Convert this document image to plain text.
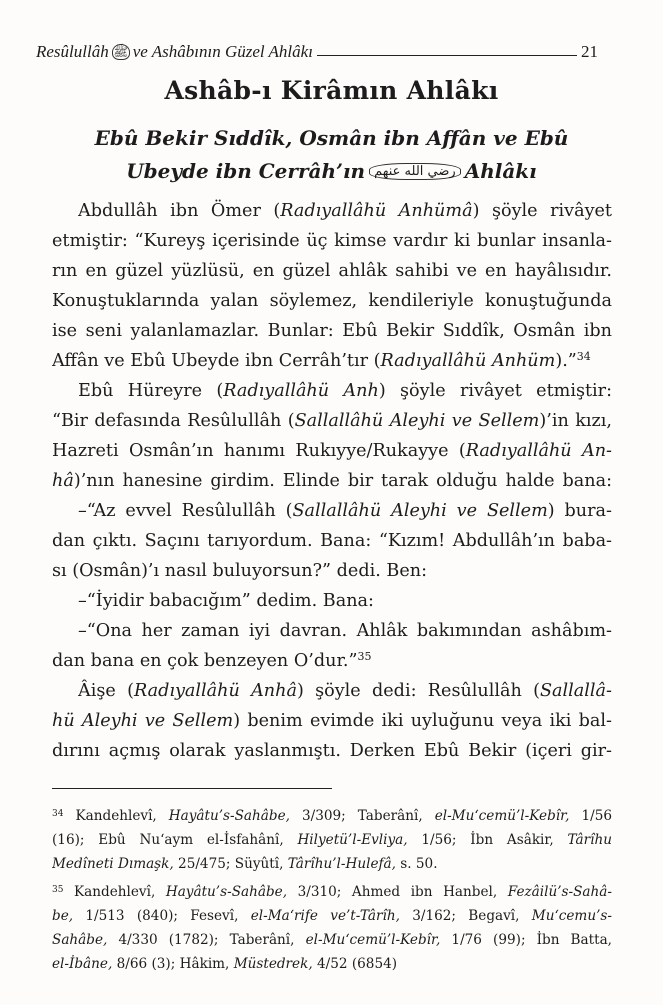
Resûlullâh ﷺ ve Ashâbının Güzel Ahlâkı	21
Ashâb-ı Kirâmın Ahlâkı
Ebû Bekir Sıddîk, Osmân ibn Affân ve Ebû
Ubeyde ibn Cerrâh’ın رضي الله عنهم Ahlâkı
Abdullâh ibn Ömer (Radıyallâhü Anhümâ) şöyle rivâyet
etmiştir: “Kureyş içerisinde üç kimse vardır ki bunlar insanla-
rın en güzel yüzlüsü, en güzel ahlâk sahibi ve en hayâlısıdır.
Konuştuklarında yalan söylemez, kendileriyle konuştuğunda
ise seni yalanlamazlar. Bunlar: Ebû Bekir Sıddîk, Osmân ibn
Affân ve Ebû Ubeyde ibn Cerrâh’tır (Radıyallâhü Anhüm).”$^{34}$
Ebû Hüreyre (Radıyallâhü Anh) şöyle rivâyet etmiştir:
“Bir defasında Resûlullâh (Sallallâhü Aleyhi ve Sellem)’in kızı,
Hazreti Osmân’ın hanımı Rukıyye/Rukayye (Radıyallâhü An-
hâ)’nın hanesine girdim. Elinde bir tarak olduğu halde bana:
–“Az evvel Resûlullâh (Sallallâhü Aleyhi ve Sellem) bura-
dan çıktı. Saçını tarıyordum. Bana: “Kızım! Abdullâh’ın baba-
sı (Osmân)’ı nasıl buluyorsun?” dedi. Ben:
–“İyidir babacığım” dedim. Bana:
–“Ona her zaman iyi davran. Ahlâk bakımından ashâbım-
dan bana en çok benzeyen O’dur.”$^{35}$
Âişe (Radıyallâhü Anhâ) şöyle dedi: Resûlullâh (Sallallâ-
hü Aleyhi ve Sellem) benim evimde iki uyluğunu veya iki bal-
dırını açmış olarak yaslanmıştı. Derken Ebû Bekir (içeri gir-
$^{34}$ Kandehlevî, Hayâtu’s-Sahâbe, 3/309; Taberânî, el-Mu‘cemü’l-Kebîr, 1/56
(16); Ebû Nu‘aym el-İsfahânî, Hilyetü’l-Evliya, 1/56; İbn Asâkir, Târîhu
Medîneti Dımaşk, 25/475; Süyûtî, Târîhu’l-Hulefâ, s. 50.
$^{35}$ Kandehlevî, Hayâtu’s-Sahâbe, 3/310; Ahmed ibn Hanbel, Fezâilü’s-Sahâ-
be, 1/513 (840); Fesevî, el-Ma‘rife ve’t-Târîh, 3/162; Begavî, Mu‘cemu’s-
Sahâbe, 4/330 (1782); Taberânî, el-Mu‘cemü’l-Kebîr, 1/76 (99); İbn Batta,
el-İbâne, 8/66 (3); Hâkim, Müstedrek, 4/52 (6854)
